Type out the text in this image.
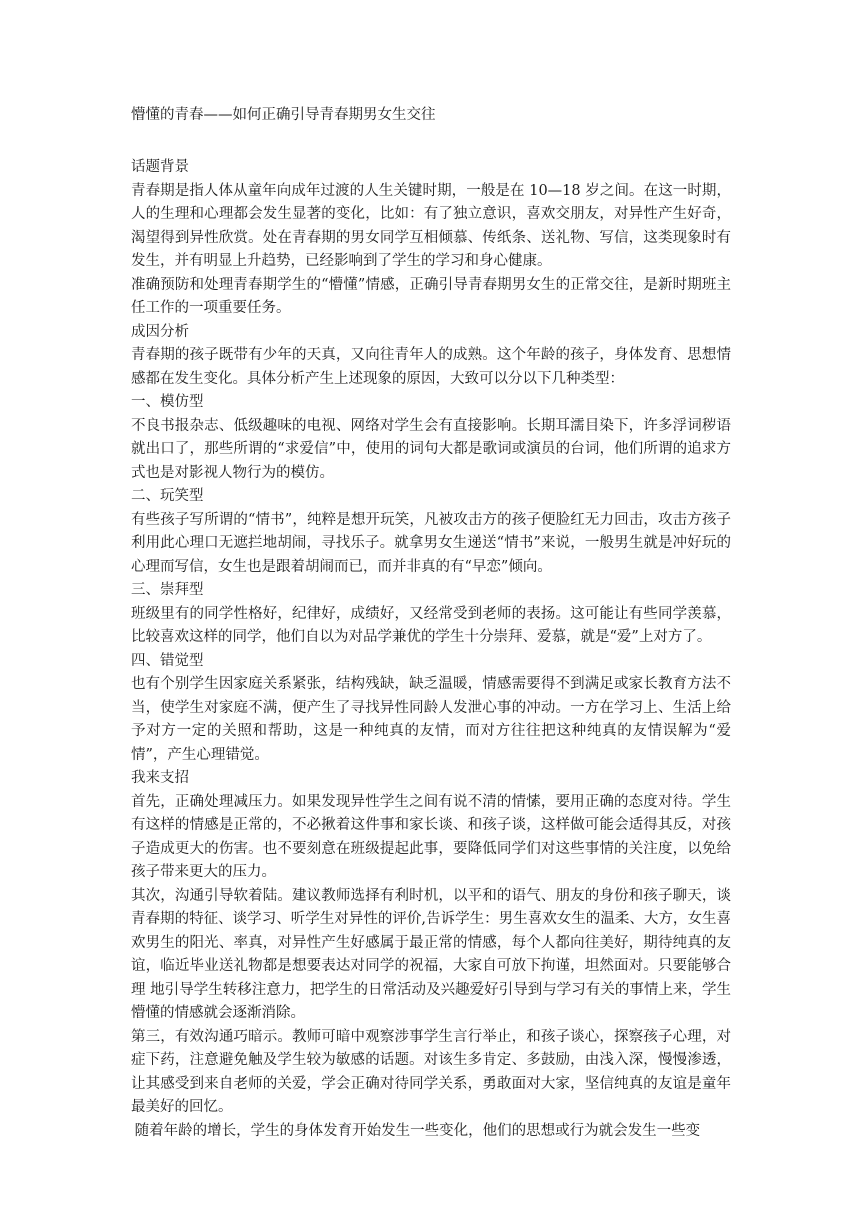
懵懂的青春——如何正确引导青春期男女生交往

话题背景

青春期是指人体从童年向成年过渡的人生关键时期，一般是在 10—18 岁之间。在这一时期，人的生理和心理都会发生显著的变化，比如：有了独立意识，喜欢交朋友，对异性产生好奇，渴望得到异性欣赏。处在青春期的男女同学互相倾慕、传纸条、送礼物、写信，这类现象时有发生，并有明显上升趋势，已经影响到了学生的学习和身心健康。

准确预防和处理青春期学生的“懵懂”情感，正确引导青春期男女生的正常交往，是新时期班主任工作的一项重要任务。

成因分析

青春期的孩子既带有少年的天真，又向往青年人的成熟。这个年龄的孩子，身体发育、思想情感都在发生变化。具体分析产生上述现象的原因，大致可以分以下几种类型：

一、模仿型

不良书报杂志、低级趣味的电视、网络对学生会有直接影响。长期耳濡目染下，许多浮词秽语就出口了，那些所谓的“求爱信”中，使用的词句大都是歌词或演员的台词，他们所谓的追求方式也是对影视人物行为的模仿。

二、玩笑型

有些孩子写所谓的“情书”，纯粹是想开玩笑，凡被攻击方的孩子便脸红无力回击，攻击方孩子利用此心理口无遮拦地胡闹，寻找乐子。就拿男女生递送“情书”来说，一般男生就是冲好玩的心理而写信，女生也是跟着胡闹而已，而并非真的有“早恋”倾向。

三、崇拜型

班级里有的同学性格好，纪律好，成绩好，又经常受到老师的表扬。这可能让有些同学羡慕，比较喜欢这样的同学，他们自以为对品学兼优的学生十分崇拜、爱慕，就是“爱”上对方了。

四、错觉型

也有个别学生因家庭关系紧张，结构残缺，缺乏温暖，情感需要得不到满足或家长教育方法不当，使学生对家庭不满，便产生了寻找异性同龄人发泄心事的冲动。一方在学习上、生活上给予对方一定的关照和帮助，这是一种纯真的友情，而对方往往把这种纯真的友情误解为“爱情”，产生心理错觉。

我来支招

首先，正确处理减压力。如果发现异性学生之间有说不清的情愫，要用正确的态度对待。学生有这样的情感是正常的，不必揪着这件事和家长谈、和孩子谈，这样做可能会适得其反，对孩子造成更大的伤害。也不要刻意在班级提起此事，要降低同学们对这些事情的关注度，以免给孩子带来更大的压力。

其次，沟通引导软着陆。建议教师选择有利时机，以平和的语气、朋友的身份和孩子聊天，谈青春期的特征、谈学习、听学生对异性的评价,告诉学生：男生喜欢女生的温柔、大方，女生喜欢男生的阳光、率真，对异性产生好感属于最正常的情感，每个人都向往美好，期待纯真的友谊，临近毕业送礼物都是想要表达对同学的祝福，大家自可放下拘谨，坦然面对。只要能够合理 地引导学生转移注意力，把学生的日常活动及兴趣爱好引导到与学习有关的事情上来，学生懵懂的情感就会逐渐消除。

第三，有效沟通巧暗示。教师可暗中观察涉事学生言行举止，和孩子谈心，探察孩子心理，对症下药，注意避免触及学生较为敏感的话题。对该生多肯定、多鼓励，由浅入深，慢慢渗透，让其感受到来自老师的关爱，学会正确对待同学关系，勇敢面对大家，坚信纯真的友谊是童年最美好的回忆。

随着年龄的增长，学生的身体发育开始发生一些变化，他们的思想或行为就会发生一些变
